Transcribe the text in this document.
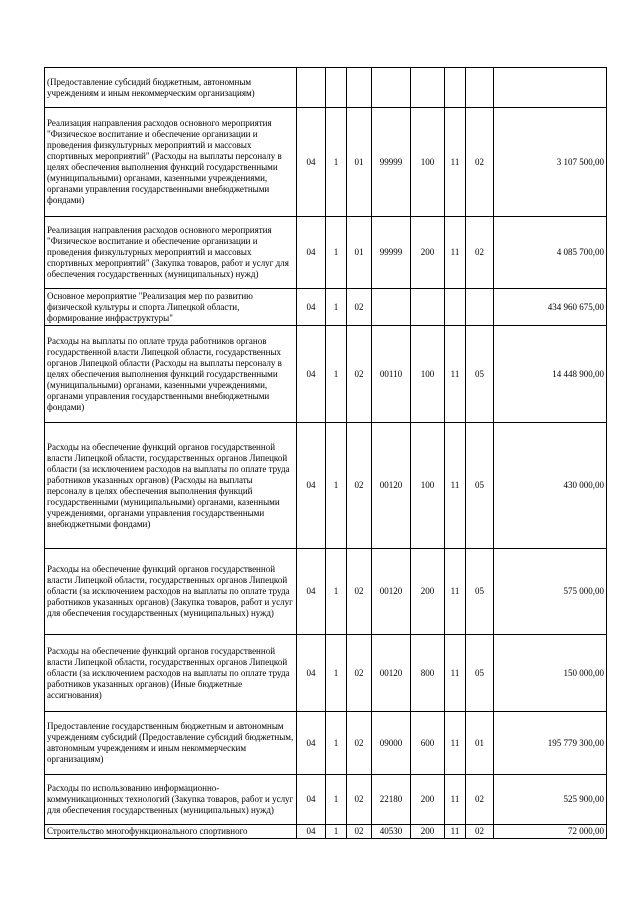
(Предоставление субсидий бюджетным, автономным учреждениям и иным некоммерческим организациям)								
Реализация направления расходов основного мероприятия "Физическое воспитание и обеспечение организации и проведения физкультурных мероприятий и массовых спортивных мероприятий" (Расходы на выплаты персоналу в целях обеспечения выполнения функций государственными (муниципальными) органами, казенными учреждениями, органами управления государственными внебюджетными фондами)	04	1	01	99999	100	11	02	3 107 500,00
Реализация направления расходов основного мероприятия "Физическое воспитание и обеспечение организации и проведения физкультурных мероприятий и массовых спортивных мероприятий" (Закупка товаров, работ и услуг для обеспечения государственных (муниципальных) нужд)	04	1	01	99999	200	11	02	4 085 700,00
Основное мероприятие "Реализация мер по развитию физической культуры и спорта Липецкой области, формирование инфраструктуры"	04	1	02					434 960 675,00
Расходы на выплаты по оплате труда работников органов государственной власти Липецкой области, государственных органов Липецкой области (Расходы на выплаты персоналу в целях обеспечения выполнения функций государственными (муниципальными) органами, казенными учреждениями, органами управления государственными внебюджетными фондами)	04	1	02	00110	100	11	05	14 448 900,00
Расходы на обеспечение функций органов государственной власти Липецкой области, государственных органов Липецкой области (за исключением расходов на выплаты по оплате труда работников указанных органов) (Расходы на выплаты персоналу в целях обеспечения выполнения функций государственными (муниципальными) органами, казенными учреждениями, органами управления государственными внебюджетными фондами)	04	1	02	00120	100	11	05	430 000,00
Расходы на обеспечение функций органов государственной власти Липецкой области, государственных органов Липецкой области (за исключением расходов на выплаты по оплате труда работников указанных органов) (Закупка товаров, работ и услуг для обеспечения государственных (муниципальных) нужд)	04	1	02	00120	200	11	05	575 000,00
Расходы на обеспечение функций органов государственной власти Липецкой области, государственных органов Липецкой области (за исключением расходов на выплаты по оплате труда работников указанных органов) (Иные бюджетные ассигнования)	04	1	02	00120	800	11	05	150 000,00
Предоставление государственным бюджетным и автономным учреждениям субсидий (Предоставление субсидий бюджетным, автономным учреждениям и иным некоммерческим организациям)	04	1	02	09000	600	11	01	195 779 300,00
Расходы по использованию информационно-коммуникационных технологий (Закупка товаров, работ и услуг для обеспечения государственных (муниципальных) нужд)	04	1	02	22180	200	11	02	525 900,00
Строительство многофункционального спортивного	04	1	02	40530	200	11	02	72 000,00
